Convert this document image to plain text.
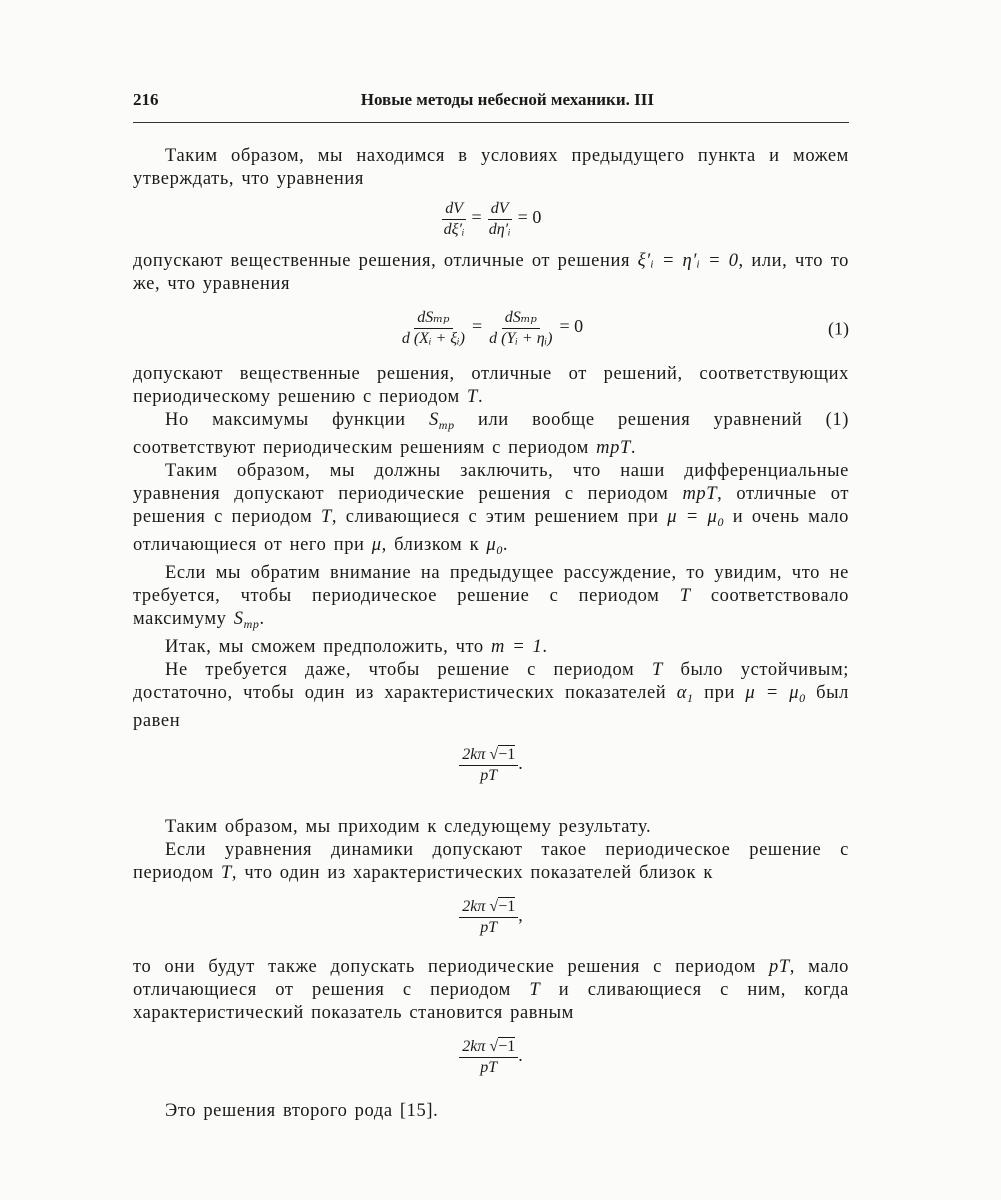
216	Новые методы небесной механики. III

Таким образом, мы находимся в условиях предыдущего пункта и можем утверждать, что уравнения

$\frac{dV}{\text{dξ′ᵢ}} = \frac{dV}{\text{dη′ᵢ}} = 0$

допускают вещественные решения, отличные от решения ξ′ᵢ = η′ᵢ = 0, или, что то же, что уравнения

$\frac{\text{dSₘₚ}}{\text{d (Xᵢ + ξᵢ)}} = \frac{\text{dSₘₚ}}{\text{d (Yᵢ + ηᵢ)}} = 0$	(1)

допускают вещественные решения, отличные от решений, соответствующих периодическому решению с периодом T.

Но максимумы функции $S_{mp}$ или вообще решения уравнений (1) соответствуют периодическим решениям с периодом mpT.

Таким образом, мы должны заключить, что наши дифференциальные уравнения допускают периодические решения с периодом mpT, отличные от решения с периодом T, сливающиеся с этим решением при $\mu = \mu_0$ и очень мало отличающиеся от него при μ, близком к $\mu_0$.

Если мы обратим внимание на предыдущее рассуждение, то увидим, что не требуется, чтобы периодическое решение с периодом T соответствовало максимуму $S_{mp}$.

Итак, мы сможем предположить, что m = 1.

Не требуется даже, чтобы решение с периодом T было устойчивым; достаточно, чтобы один из характеристических показателей $\alpha_1$ при $\mu = \mu_0$ был равен

$\frac{2k\pi √-1}{pT}$ .

Таким образом, мы приходим к следующему результату.

Если уравнения динамики допускают такое периодическое решение с периодом T, что один из характеристических показателей близок к

$\frac{2k\pi √-1}{pT}$ ,

то они будут также допускать периодические решения с периодом pT, мало отличающиеся от решения с периодом T и сливающиеся с ним, когда характеристический показатель становится равным

$\frac{2k\pi √-1}{pT}$ .

Это решения второго рода [15].
